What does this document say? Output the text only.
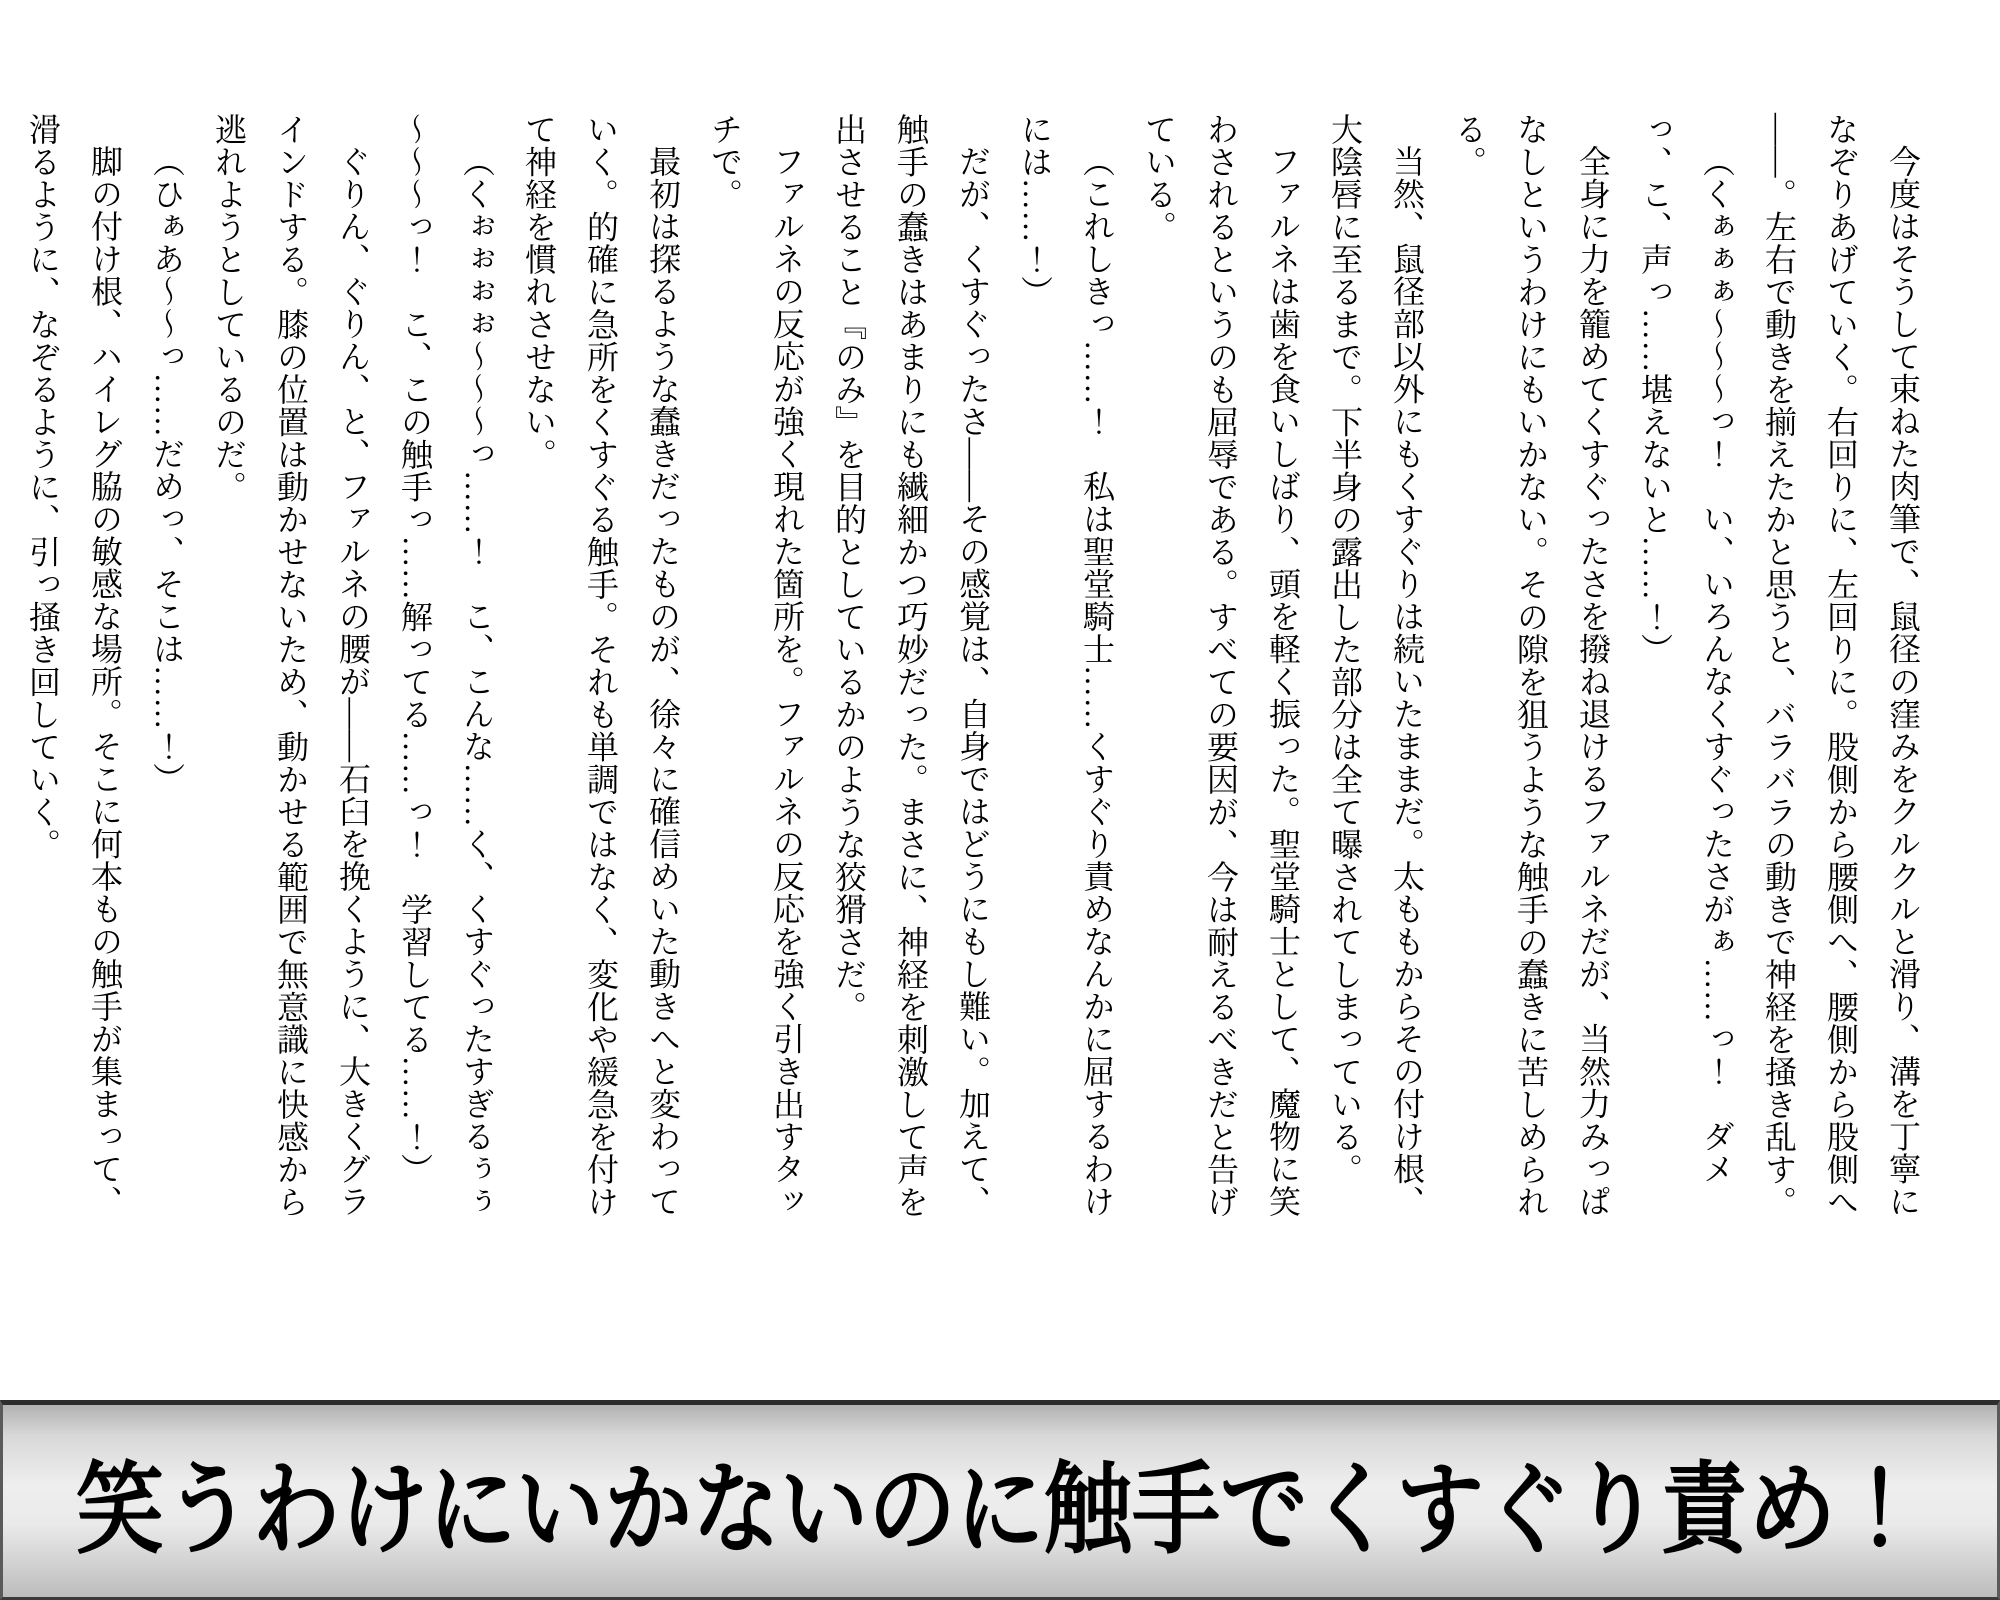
今度はそうして束ねた肉筆で、鼠径の窪みをクルクルと滑り、溝を丁寧になぞりあげていく。右回りに、左回りに。股側から腰側へ、腰側から股側へ――。左右で動きを揃えたかと思うと、バラバラの動きで神経を掻き乱す。

（くぁぁぁ～～～っ！　い、いろんなくすぐったさがぁ……っ！　ダメっ、こ、声っ……堪えないと……！）

全身に力を籠めてくすぐったさを撥ね退けるファルネだが、当然力みっぱなしというわけにもいかない。その隙を狙うような触手の蠢きに苦しめられる。

当然、鼠径部以外にもくすぐりは続いたままだ。太ももからその付け根、大陰唇に至るまで。下半身の露出した部分は全て曝されてしまっている。

ファルネは歯を食いしばり、頭を軽く振った。聖堂騎士として、魔物に笑わされるというのも屈辱である。すべての要因が、今は耐えるべきだと告げている。

（これしきっ……！　私は聖堂騎士……くすぐり責めなんかに屈するわけには……！）

だが、くすぐったさ――その感覚は、自身ではどうにもし難い。加えて、触手の蠢きはあまりにも繊細かつ巧妙だった。まさに、神経を刺激して声を出させること『のみ』を目的としているかのような狡猾さだ。

ファルネの反応が強く現れた箇所を。ファルネの反応を強く引き出すタッチで。

最初は探るような蠢きだったものが、徐々に確信めいた動きへと変わっていく。的確に急所をくすぐる触手。それも単調ではなく、変化や緩急を付けて神経を慣れさせない。

（くぉぉぉぉ～～～っ……！　こ、こんな……く、くすぐったすぎるぅぅ～～～っ！　こ、この触手っ……解ってる……っ！　学習してる……！）

ぐりん、ぐりん、と、ファルネの腰が――石臼を挽くように、大きくグラインドする。膝の位置は動かせないため、動かせる範囲で無意識に快感から逃れようとしているのだ。

（ひぁあ～～っ……だめっ、そこは……！）

脚の付け根、ハイレグ脇の敏感な場所。そこに何本もの触手が集まって、滑るように、なぞるように、引っ掻き回していく。

笑うわけにいかないのに触手でくすぐり責め！
